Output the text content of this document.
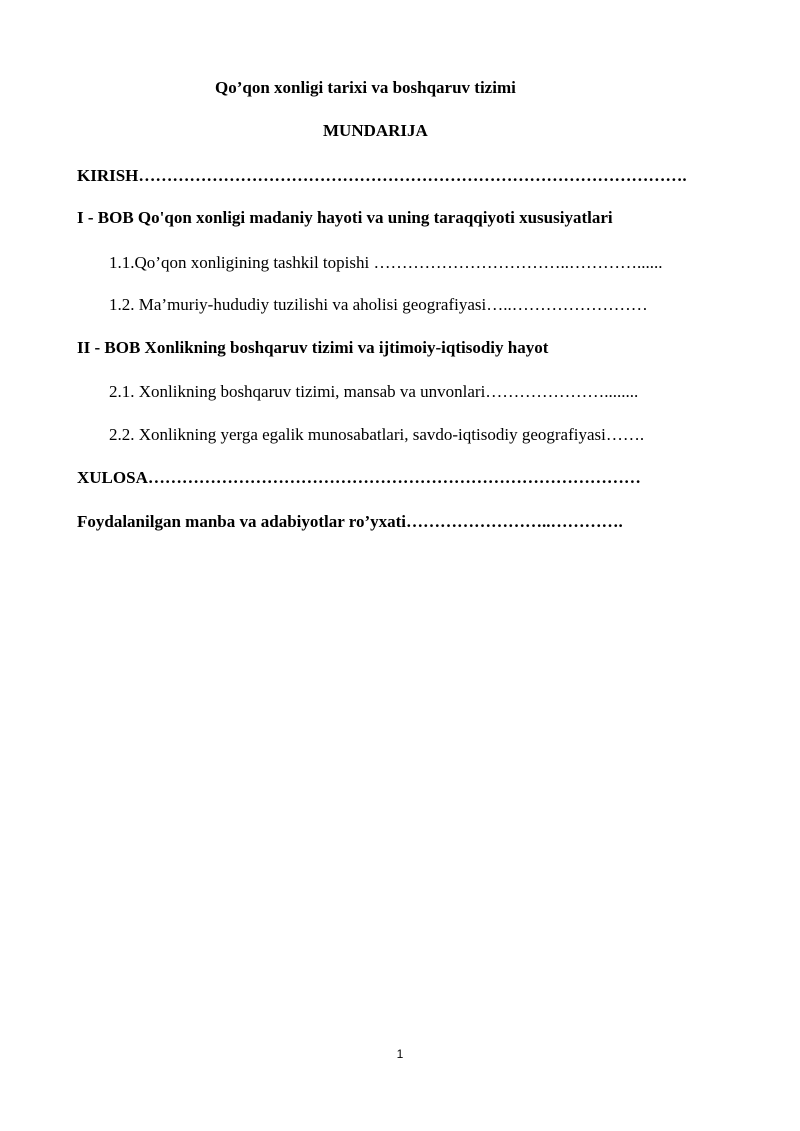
Qo’qon xonligi tarixi va boshqaruv tizimi
MUNDARIJA
KIRISH…………………………………………………………………………………….
I - BOB Qo'qon xonligi madaniy hayoti va uning taraqqiyoti xususiyatlari
1.1.Qo’qon xonligining tashkil topishi ……………………………..…………......
1.2. Ma’muriy-hududiy tuzilishi va aholisi geografiyasi…..……………………
II - BOB Xonlikning boshqaruv tizimi va ijtimoiy-iqtisodiy hayot
2.1. Xonlikning boshqaruv tizimi, mansab va unvonlari…………………........
2.2. Xonlikning yerga egalik munosabatlari, savdo-iqtisodiy geografiyasi…….
XULOSA……………………………………………………………………………
Foydalanilgan manba va adabiyotlar ro’yxati……………………..………….
1
